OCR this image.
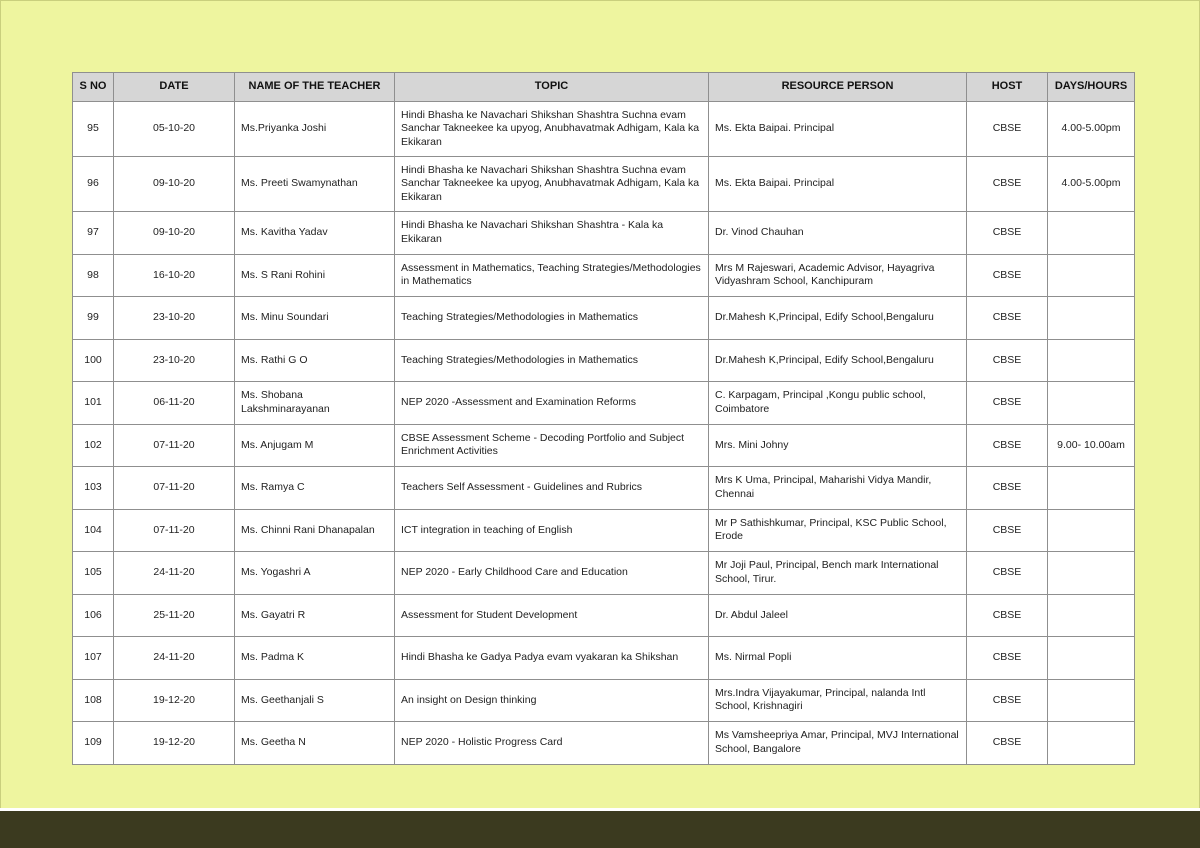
S NO	DATE	NAME OF THE TEACHER	TOPIC	RESOURCE PERSON	HOST	DAYS/HOURS
95	05-10-20	Ms.Priyanka Joshi	Hindi Bhasha ke Navachari Shikshan Shashtra Suchna evam Sanchar Takneekee ka upyog, Anubhavatmak Adhigam, Kala ka Ekikaran	Ms. Ekta Baipai. Principal	CBSE	4.00-5.00pm
96	09-10-20	Ms. Preeti Swamynathan	Hindi Bhasha ke Navachari Shikshan Shashtra Suchna evam Sanchar Takneekee ka upyog, Anubhavatmak Adhigam, Kala ka Ekikaran	Ms. Ekta Baipai. Principal	CBSE	4.00-5.00pm
97	09-10-20	Ms. Kavitha Yadav	Hindi Bhasha ke Navachari Shikshan Shashtra - Kala ka Ekikaran	Dr. Vinod Chauhan	CBSE	
98	16-10-20	Ms. S Rani Rohini	Assessment in Mathematics, Teaching Strategies/Methodologies in Mathematics	Mrs M Rajeswari, Academic Advisor, Hayagriva Vidyashram School, Kanchipuram	CBSE	
99	23-10-20	Ms. Minu Soundari	Teaching Strategies/Methodologies in Mathematics	Dr.Mahesh K,Principal, Edify School,Bengaluru	CBSE	
100	23-10-20	Ms. Rathi G O	Teaching Strategies/Methodologies in Mathematics	Dr.Mahesh K,Principal, Edify School,Bengaluru	CBSE	
101	06-11-20	Ms. Shobana Lakshminarayanan	NEP 2020 -Assessment and Examination Reforms	C. Karpagam, Principal ,Kongu public school, Coimbatore	CBSE	
102	07-11-20	Ms. Anjugam M	CBSE Assessment Scheme - Decoding Portfolio and Subject Enrichment Activities	Mrs. Mini Johny	CBSE	9.00- 10.00am
103	07-11-20	Ms. Ramya C	Teachers Self Assessment - Guidelines and Rubrics	Mrs K Uma, Principal, Maharishi Vidya Mandir, Chennai	CBSE	
104	07-11-20	Ms. Chinni Rani Dhanapalan	ICT integration in teaching of English	Mr P Sathishkumar, Principal, KSC Public School, Erode	CBSE	
105	24-11-20	Ms. Yogashri A	NEP 2020 - Early Childhood Care and Education	Mr Joji Paul, Principal, Bench mark International School, Tirur.	CBSE	
106	25-11-20	Ms. Gayatri R	Assessment for Student Development	Dr. Abdul Jaleel	CBSE	
107	24-11-20	Ms. Padma K	Hindi Bhasha ke Gadya Padya evam vyakaran ka Shikshan	Ms. Nirmal Popli	CBSE	
108	19-12-20	Ms. Geethanjali S	An insight on Design thinking	Mrs.Indra Vijayakumar, Principal, nalanda Intl School, Krishnagiri	CBSE	
109	19-12-20	Ms. Geetha N	NEP 2020 - Holistic Progress Card	Ms Vamsheepriya Amar, Principal, MVJ International School, Bangalore	CBSE	
